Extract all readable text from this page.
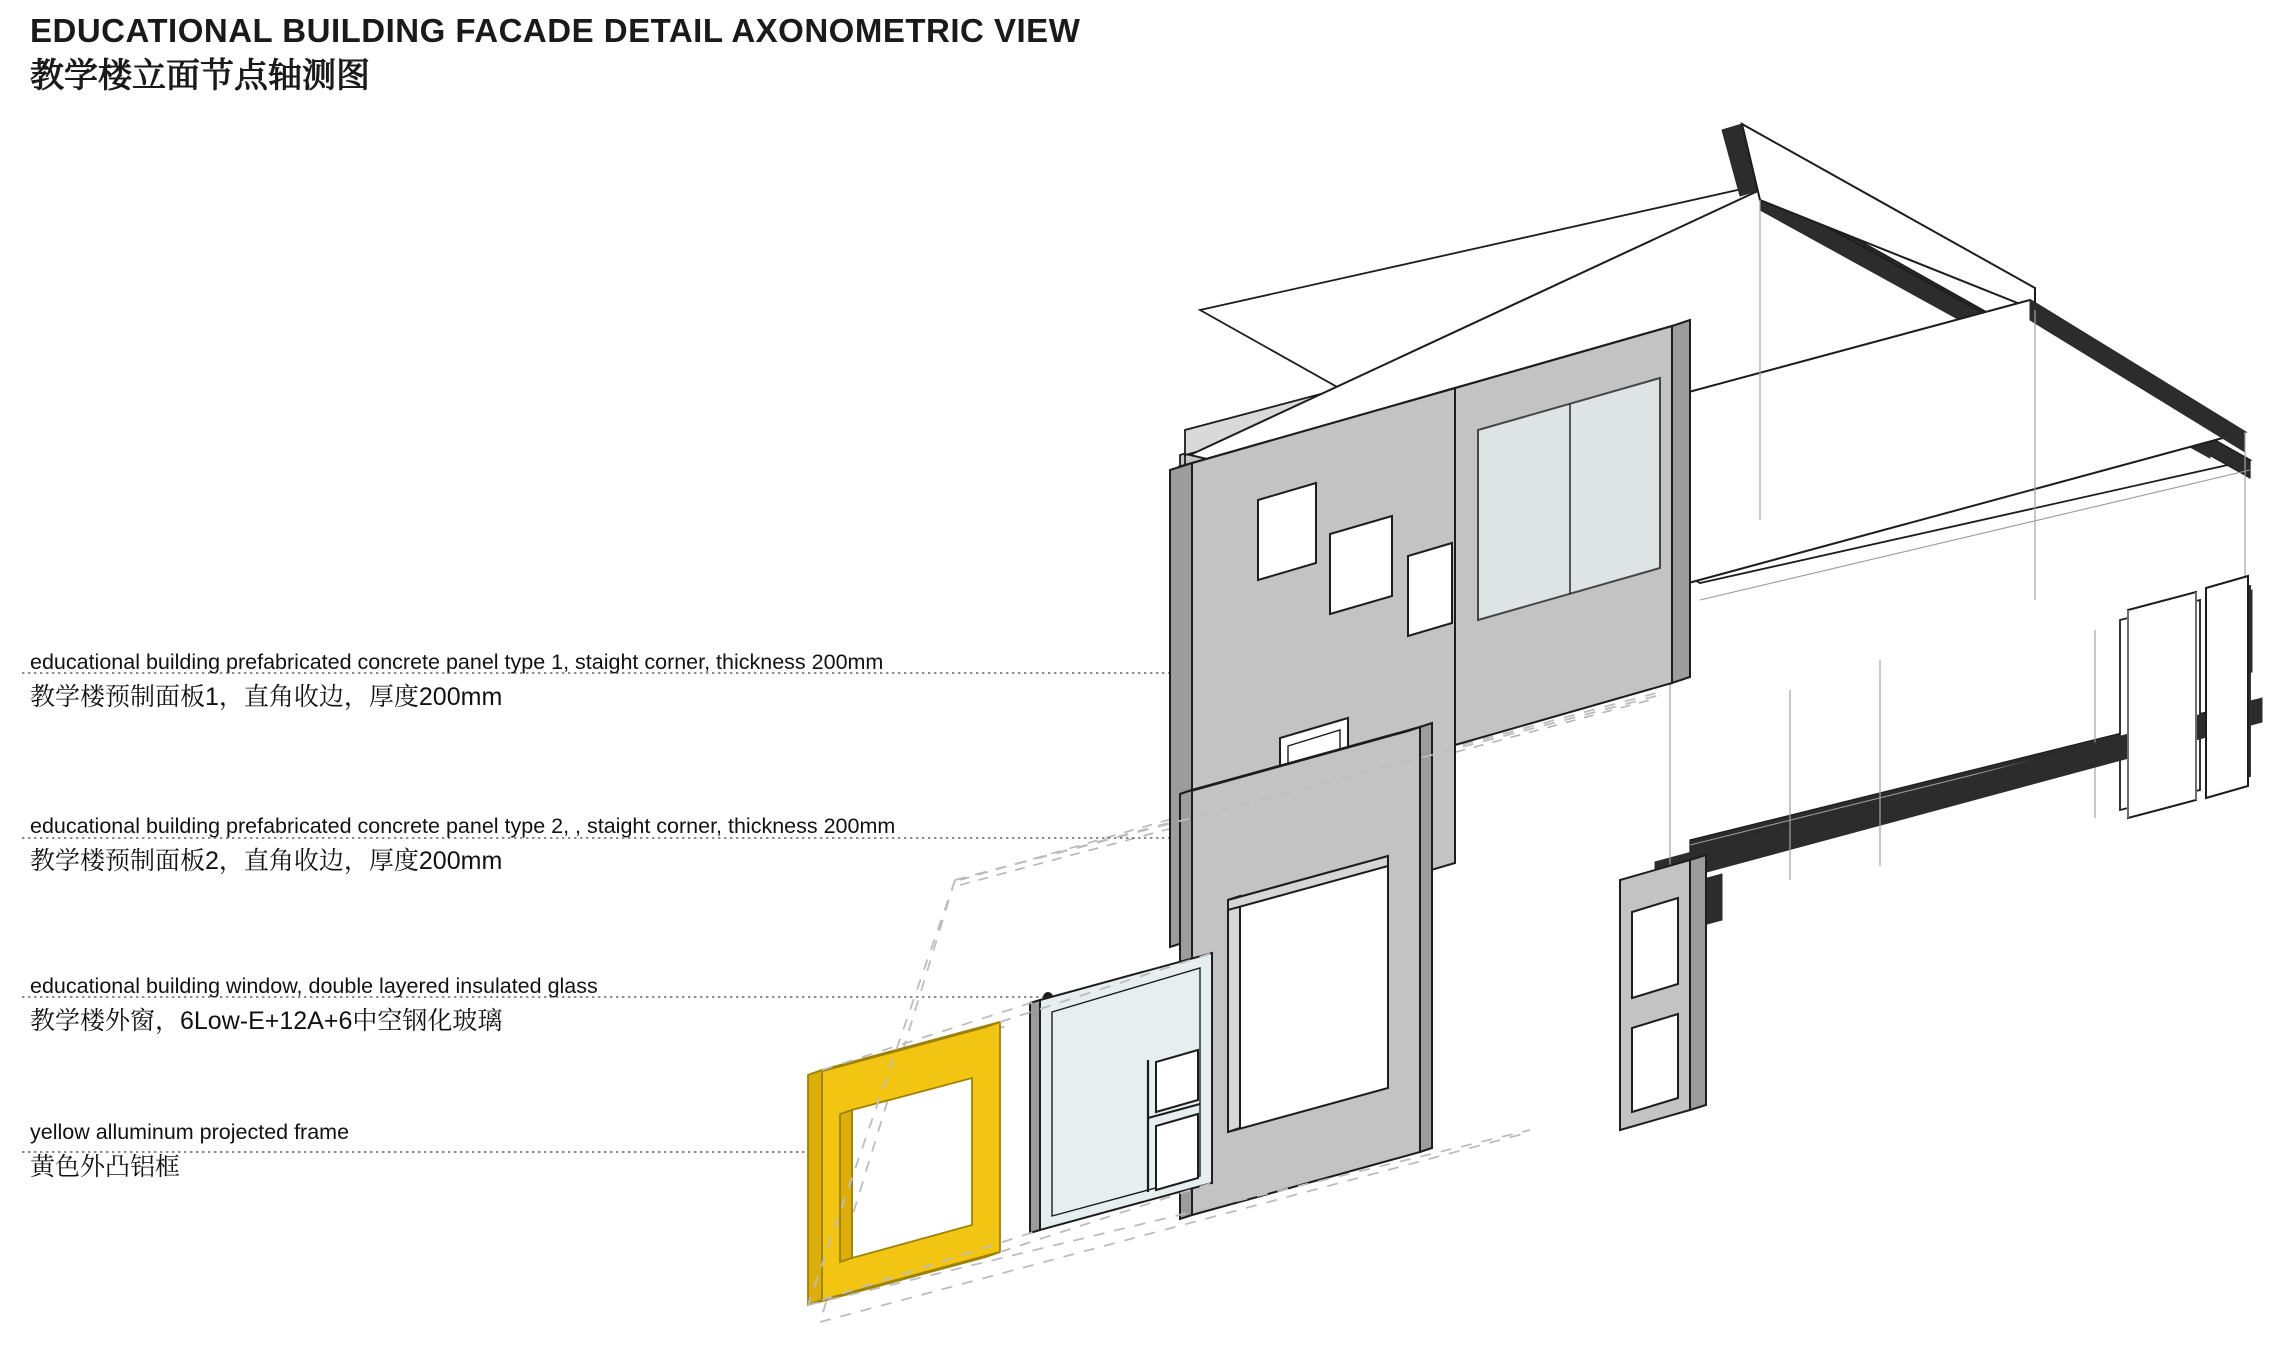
EDUCATIONAL BUILDING FACADE DETAIL AXONOMETRIC VIEW
教学楼立面节点轴测图
educational building prefabricated concrete panel type 1, staight corner, thickness 200mm
教学楼预制面板1，直角收边，厚度200mm
educational building prefabricated concrete panel type 2, , staight corner, thickness 200mm
教学楼预制面板2，直角收边，厚度200mm
educational building window, double layered insulated glass
教学楼外窗，6Low-E+12A+6中空钢化玻璃
yellow alluminum projected frame
黄色外凸铝框
